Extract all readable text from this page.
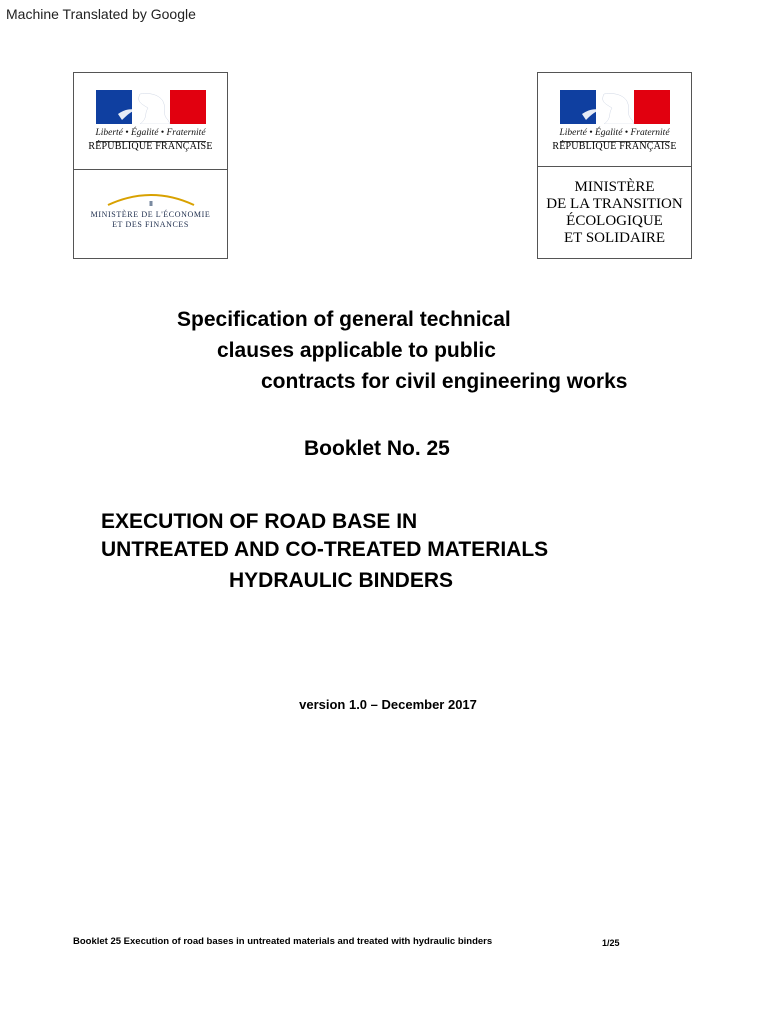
Machine Translated by Google
Liberté • Égalité • Fraternité
RÉPUBLIQUE FRANÇAISE
MINISTÈRE DE L'ÉCONOMIE
ET DES FINANCES
Liberté • Égalité • Fraternité
RÉPUBLIQUE FRANÇAISE
MINISTÈRE
DE LA TRANSITION
ÉCOLOGIQUE
ET SOLIDAIRE
Specification of general technical
clauses applicable to public
contracts for civil engineering works
Booklet No. 25
EXECUTION OF ROAD BASE IN
UNTREATED AND CO-TREATED MATERIALS
HYDRAULIC BINDERS
version 1.0 – December 2017
Booklet 25 Execution of road bases in untreated materials and treated with hydraulic binders	1/25
